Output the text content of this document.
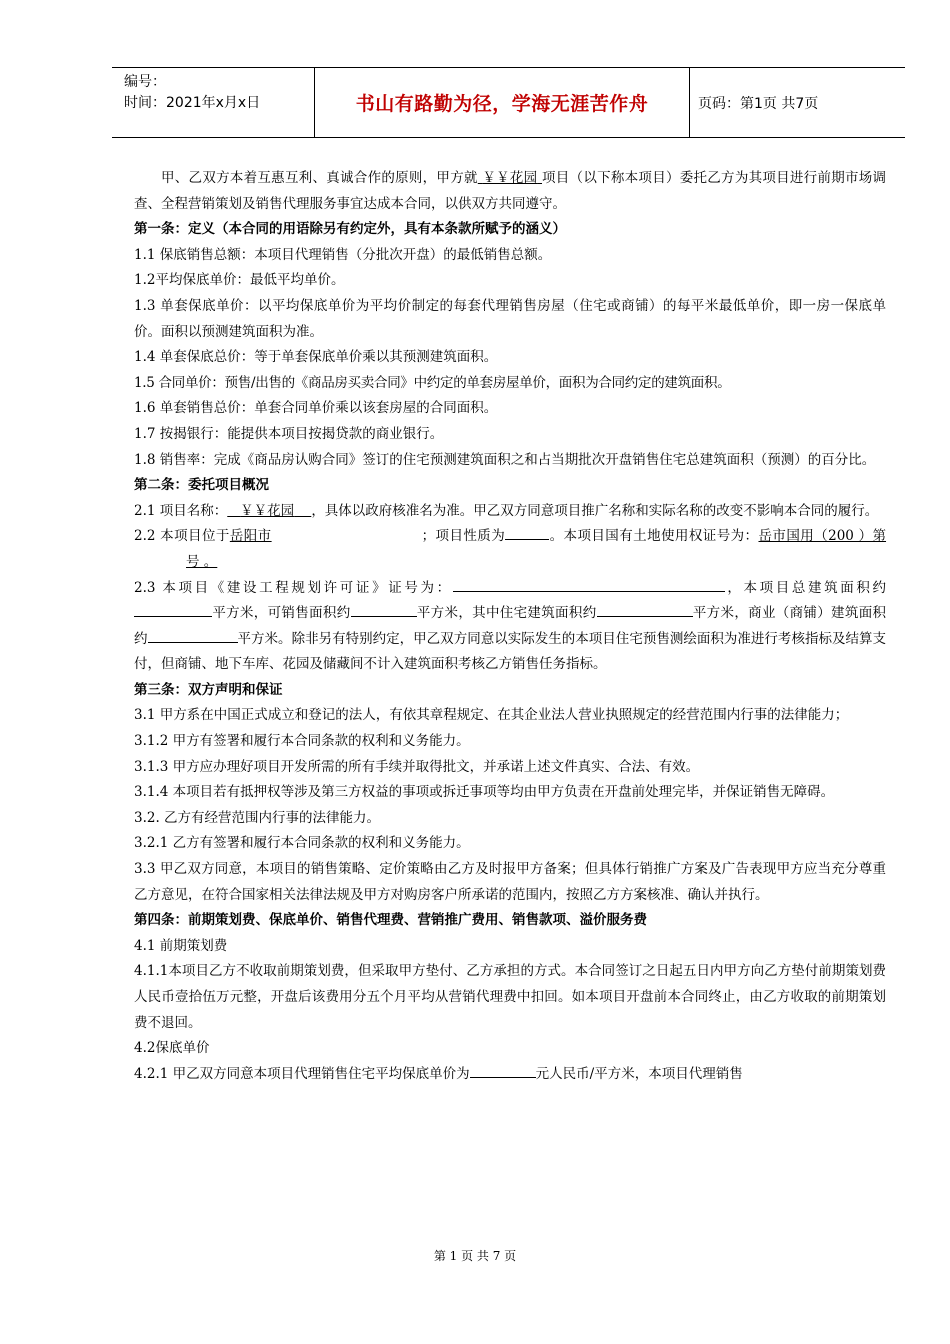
编号：
时间：2021年x月x日	书山有路勤为径，学海无涯苦作舟	页码：第1页 共7页

甲、乙双方本着互惠互利、真诚合作的原则，甲方就 ￥￥花园 项目（以下称本项目）委托乙方为其项目进行前期市场调查、全程营销策划及销售代理服务事宜达成本合同，以供双方共同遵守。

第一条：定义（本合同的用语除另有约定外，具有本条款所赋予的涵义）

1.1 保底销售总额：本项目代理销售（分批次开盘）的最低销售总额。

1.2平均保底单价：最低平均单价。

1.3 单套保底单价：以平均保底单价为平均价制定的每套代理销售房屋（住宅或商铺）的每平米最低单价，即一房一保底单价。面积以预测建筑面积为准。

1.4 单套保底总价：等于单套保底单价乘以其预测建筑面积。

1.5 合同单价：预售/出售的《商品房买卖合同》中约定的单套房屋单价，面积为合同约定的建筑面积。

1.6 单套销售总价：单套合同单价乘以该套房屋的合同面积。

1.7 按揭银行：能提供本项目按揭贷款的商业银行。

1.8 销售率：完成《商品房认购合同》签订的住宅预测建筑面积之和占当期批次开盘销售住宅总建筑面积（预测）的百分比。

第二条：委托项目概况

2.1 项目名称： ￥￥花园 ，具体以政府核准名为准。甲乙双方同意项目推广名称和实际名称的改变不影响本合同的履行。

2.2 本项目位于岳阳市	；项目性质为	。本项目国有土地使用权证号为：岳市国用（200 ）第号 。

2.3 本项目《建设工程规划许可证》证号为：	，本项目总建筑面积约平方米，可销售面积约	平方米，其中住宅建筑面积约	平方米，商业（商铺）建筑面积约	平方米。除非另有特别约定，甲乙双方同意以实际发生的本项目住宅预售测绘面积为准进行考核指标及结算支付，但商铺、地下车库、花园及储藏间不计入建筑面积考核乙方销售任务指标。

第三条：双方声明和保证

3.1 甲方系在中国正式成立和登记的法人，有依其章程规定、在其企业法人营业执照规定的经营范围内行事的法律能力；

3.1.2 甲方有签署和履行本合同条款的权利和义务能力。

3.1.3 甲方应办理好项目开发所需的所有手续并取得批文，并承诺上述文件真实、合法、有效。

3.1.4 本项目若有抵押权等涉及第三方权益的事项或拆迁事项等均由甲方负责在开盘前处理完毕，并保证销售无障碍。

3.2. 乙方有经营范围内行事的法律能力。

3.2.1 乙方有签署和履行本合同条款的权利和义务能力。

3.3 甲乙双方同意，本项目的销售策略、定价策略由乙方及时报甲方备案；但具体行销推广方案及广告表现甲方应当充分尊重乙方意见，在符合国家相关法律法规及甲方对购房客户所承诺的范围内，按照乙方方案核准、确认并执行。

第四条：前期策划费、保底单价、销售代理费、营销推广费用、销售款项、溢价服务费

4.1 前期策划费

4.1.1本项目乙方不收取前期策划费，但采取甲方垫付、乙方承担的方式。本合同签订之日起五日内甲方向乙方垫付前期策划费人民币壹拾伍万元整，开盘后该费用分五个月平均从营销代理费中扣回。如本项目开盘前本合同终止，由乙方收取的前期策划费不退回。

4.2保底单价

4.2.1 甲乙双方同意本项目代理销售住宅平均保底单价为	元人民币/平方米，本项目代理销售

第 1 页 共 7 页
